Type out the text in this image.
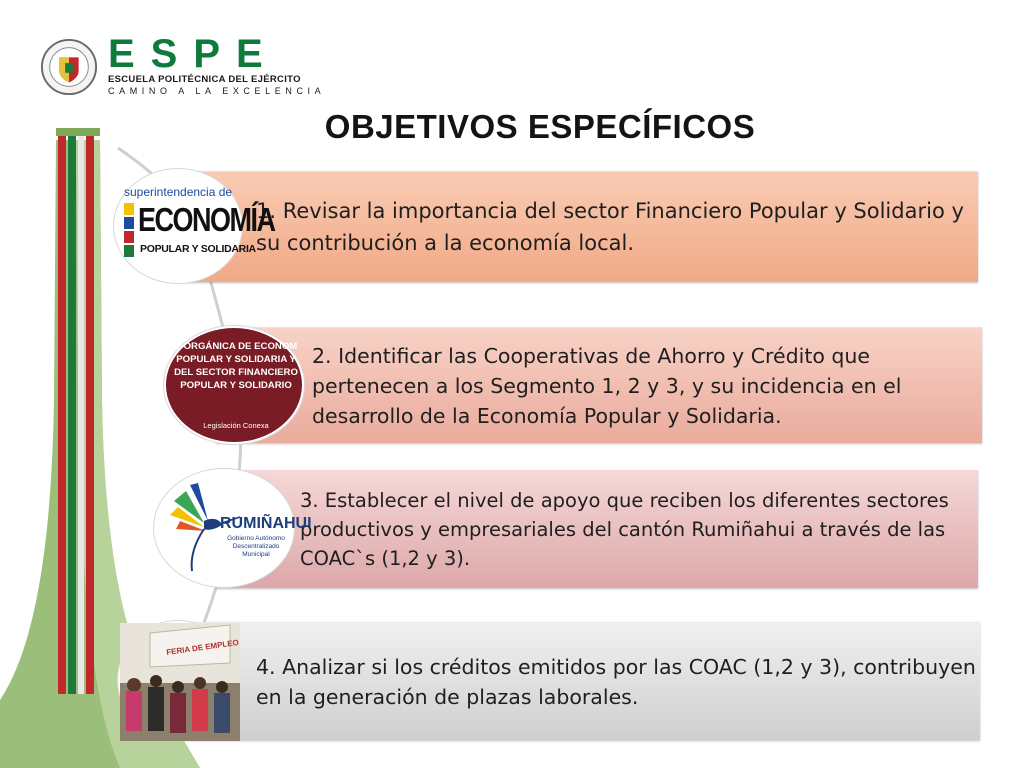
ESPE
ESCUELA POLITÉCNICA DEL EJÉRCITO
CAMINO A LA EXCELENCIA
OBJETIVOS ESPECÍFICOS

1. Revisar la importancia del sector Financiero Popular y Solidario y su contribución a la economía local.

superintendencia de
ECONOMÍA
POPULAR Y SOLIDARIA

2. Identificar las Cooperativas de Ahorro y Crédito que pertenecen a los Segmento 1, 2 y 3, y su incidencia en el desarrollo de la Economía Popular y Solidaria.

Y ORGÁNICA DE ECONOM POPULAR Y SOLIDARIA Y DEL SECTOR FINANCIERO POPULAR Y SOLIDARIO
Legislación Conexa

3. Establecer el nivel de apoyo que reciben los diferentes sectores productivos y empresariales del cantón Rumiñahui a través de las COAC`s (1,2 y 3).

RUMIÑAHUI
Gobierno Autónomo Descentralizado Municipal

4. Analizar si los créditos emitidos por las COAC (1,2 y 3), contribuyen en la generación de plazas laborales.

FERIA DE EMPLEO
